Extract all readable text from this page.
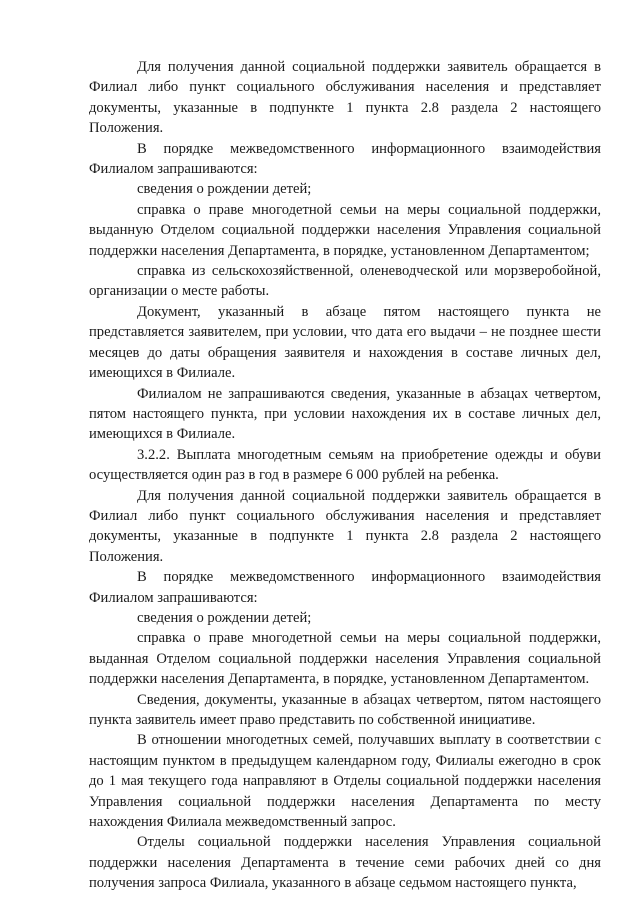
Для получения данной социальной поддержки заявитель обращается в Филиал либо пункт социального обслуживания населения и представляет документы, указанные в подпункте 1 пункта 2.8 раздела 2 настоящего Положения.

В порядке межведомственного информационного взаимодействия Филиалом запрашиваются:

сведения о рождении детей;

справка о праве многодетной семьи на меры социальной поддержки, выданную Отделом социальной поддержки населения Управления социальной поддержки населения Департамента, в порядке, установленном Департаментом;

справка из сельскохозяйственной, оленеводческой или морзверобойной, организации о месте работы.

Документ, указанный в абзаце пятом настоящего пункта не представляется заявителем, при условии, что дата его выдачи – не позднее шести месяцев до даты обращения заявителя и нахождения в составе личных дел, имеющихся в Филиале.

Филиалом не запрашиваются сведения, указанные в абзацах четвертом, пятом настоящего пункта, при условии нахождения их в составе личных дел, имеющихся в Филиале.

3.2.2. Выплата многодетным семьям на приобретение одежды и обуви осуществляется один раз в год в размере 6 000 рублей на ребенка.

Для получения данной социальной поддержки заявитель обращается в Филиал либо пункт социального обслуживания населения и представляет документы, указанные в подпункте 1 пункта 2.8 раздела 2 настоящего Положения.

В порядке межведомственного информационного взаимодействия Филиалом запрашиваются:

сведения о рождении детей;

справка о праве многодетной семьи на меры социальной поддержки, выданная Отделом социальной поддержки населения Управления социальной поддержки населения Департамента, в порядке, установленном Департаментом.

Сведения, документы, указанные в абзацах четвертом, пятом настоящего пункта заявитель имеет право представить по собственной инициативе.

В отношении многодетных семей, получавших выплату в соответствии с настоящим пунктом в предыдущем календарном году, Филиалы ежегодно в срок до 1 мая текущего года направляют в Отделы социальной поддержки населения Управления социальной поддержки населения Департамента по месту нахождения Филиала межведомственный запрос.

Отделы социальной поддержки населения Управления социальной поддержки населения Департамента в течение семи рабочих дней со дня получения запроса Филиала, указанного в абзаце седьмом настоящего пункта,
